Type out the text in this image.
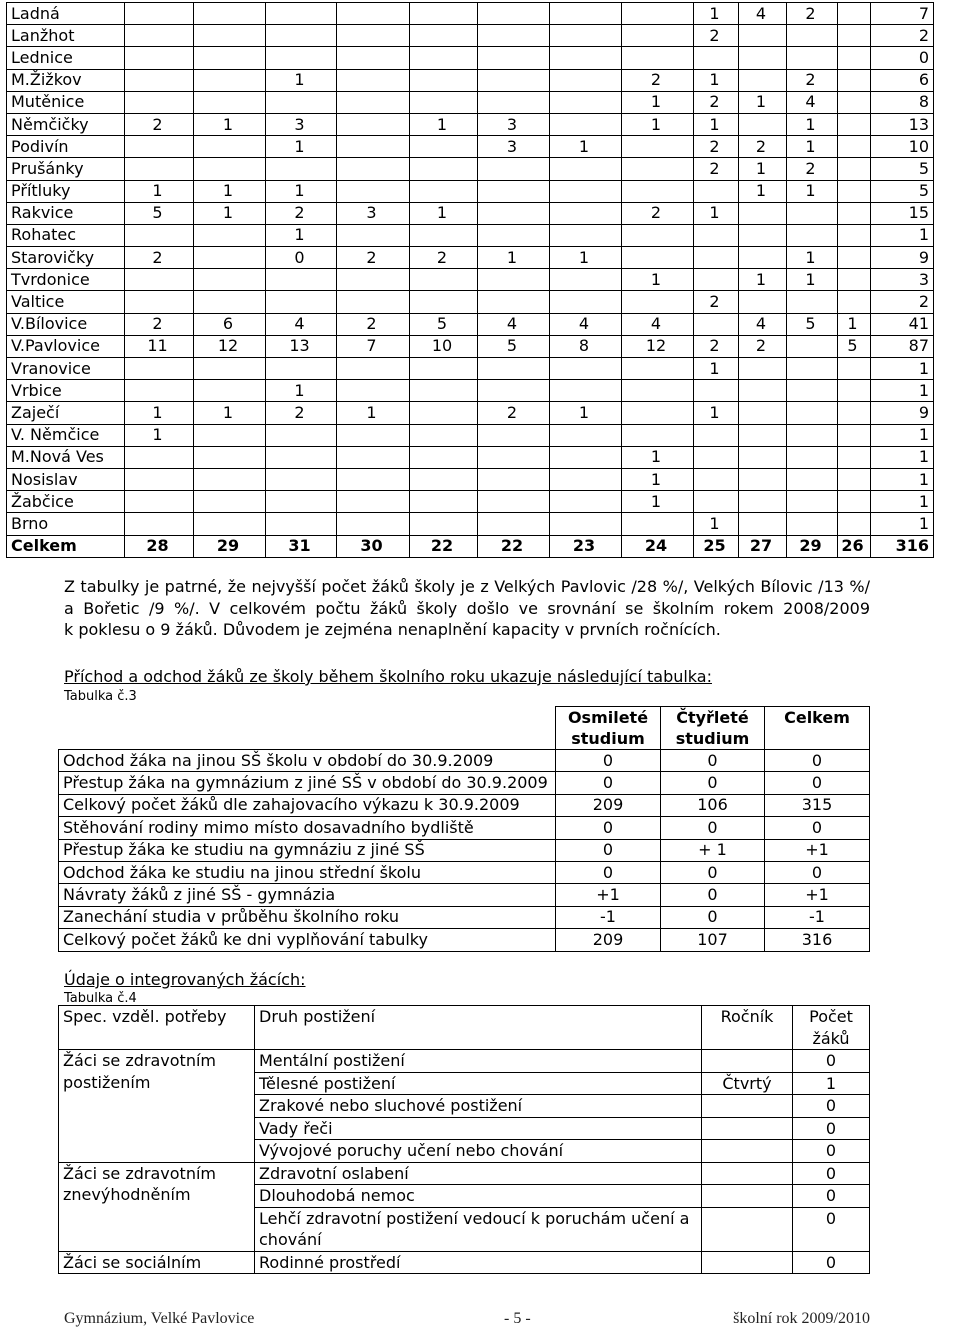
Ladná									1	4	2		7
Lanžhot									2				2
Lednice													0
M.Žižkov			1					2	1		2		6
Mutěnice								1	2	1	4		8
Němčičky	2	1	3		1	3		1	1		1		13
Podivín			1			3	1		2	2	1		10
Prušánky									2	1	2		5
Přítluky	1	1	1							1	1		5
Rakvice	5	1	2	3	1			2	1				15
Rohatec			1										1
Starovičky	2		0	2	2	1	1				1		9
Tvrdonice								1		1	1		3
Valtice									2				2
V.Bílovice	2	6	4	2	5	4	4	4		4	5	1	41
V.Pavlovice	11	12	13	7	10	5	8	12	2	2		5	87
Vranovice									1				1
Vrbice			1										1
Zaječí	1	1	2	1		2	1		1				9
V. Němčice	1												1
M.Nová Ves								1					1
Nosislav								1					1
Žabčice								1					1
Brno									1				1
Celkem	28	29	31	30	22	22	23	24	25	27	29	26	316
Z tabulky je patrné, že nejvyšší počet žáků školy je z Velkých Pavlovic /28 %/, Velkých Bílovic /13 %/
a Bořetic /9 %/. V celkovém počtu žáků školy došlo ve srovnání se školním rokem 2008/2009
k poklesu o 9 žáků. Důvodem je zejména nenaplnění kapacity v prvních ročnících.
Příchod a odchod žáků ze školy během školního roku ukazuje následující tabulka:
Tabulka č.3
	Osmileté studium	Čtyřleté studium	Celkem
Odchod žáka na jinou SŠ školu v období do 30.9.2009	0	0	0
Přestup žáka na gymnázium z jiné SŠ v období do 30.9.2009	0	0	0
Celkový počet žáků dle zahajovacího výkazu k 30.9.2009	209	106	315
Stěhování rodiny mimo místo dosavadního bydliště	0	0	0
Přestup žáka ke studiu na gymnáziu z jiné SŠ	0	+ 1	+1
Odchod žáka ke studiu na jinou střední školu	0	0	0
Návraty žáků z jiné SŠ - gymnázia	+1	0	+1
Zanechání studia v průběhu školního roku	-1	0	-1
Celkový počet žáků ke dni vyplňování tabulky	209	107	316
Údaje o integrovaných žácích:
Tabulka č.4
Spec. vzděl. potřeby	Druh postižení	Ročník	Počet žáků
Žáci se zdravotním postižením	Mentální postižení		0
	Tělesné postižení	Čtvrtý	1
	Zrakové nebo sluchové postižení		0
	Vady řeči		0
	Vývojové poruchy učení nebo chování		0
Žáci se zdravotním znevýhodněním	Zdravotní oslabení		0
	Dlouhodobá nemoc		0
	Lehčí zdravotní postižení vedoucí k poruchám učení a chování		0
Žáci se sociálním	Rodinné prostředí		0
Gymnázium, Velké Pavlovice	- 5 -	školní rok 2009/2010
